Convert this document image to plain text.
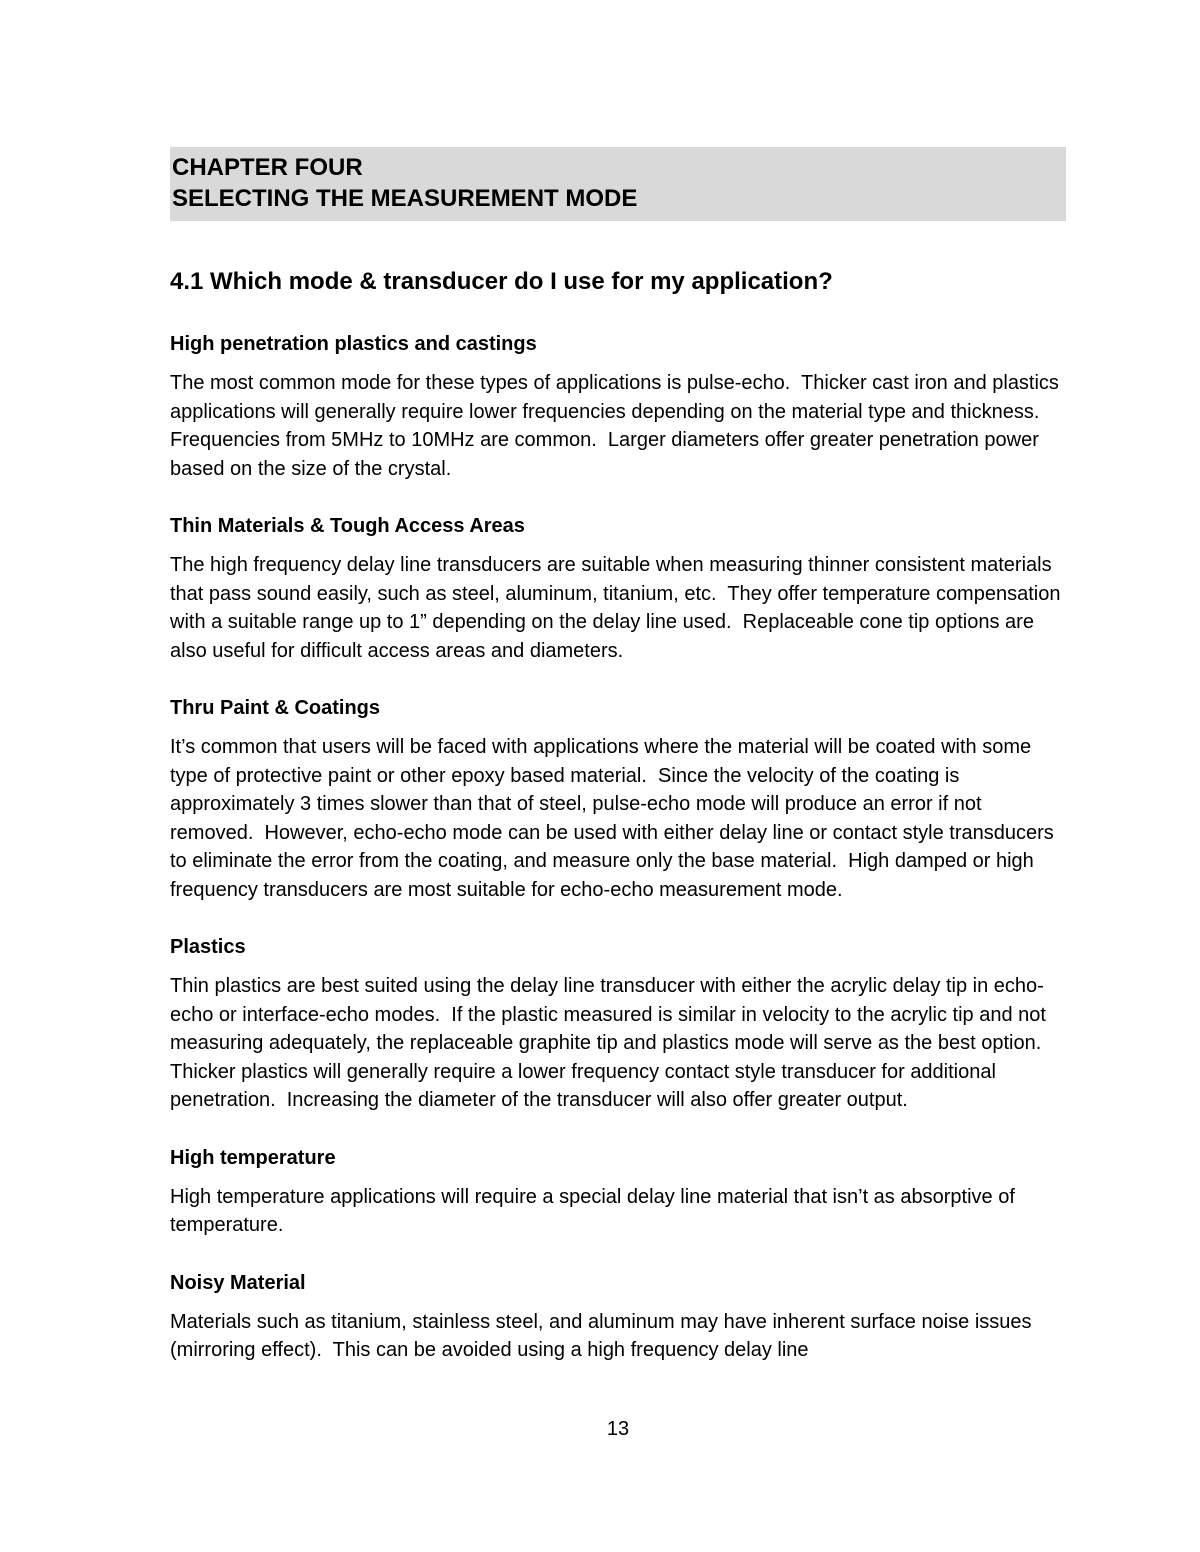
CHAPTER FOUR
SELECTING THE MEASUREMENT MODE
4.1 Which mode & transducer do I use for my application?
High penetration plastics and castings

The most common mode for these types of applications is pulse-echo.  Thicker cast iron and plastics applications will generally require lower frequencies depending on the material type and thickness.  Frequencies from 5MHz to 10MHz are common.  Larger diameters offer greater penetration power based on the size of the crystal.

Thin Materials & Tough Access Areas

The high frequency delay line transducers are suitable when measuring thinner consistent materials that pass sound easily, such as steel, aluminum, titanium, etc.  They offer temperature compensation with a suitable range up to 1” depending on the delay line used.  Replaceable cone tip options are also useful for difficult access areas and diameters.

Thru Paint & Coatings

It’s common that users will be faced with applications where the material will be coated with some type of protective paint or other epoxy based material.  Since the velocity of the coating is approximately 3 times slower than that of steel, pulse-echo mode will produce an error if not removed.  However, echo-echo mode can be used with either delay line or contact style transducers to eliminate the error from the coating, and measure only the base material.  High damped or high frequency transducers are most suitable for echo-echo measurement mode.

Plastics

Thin plastics are best suited using the delay line transducer with either the acrylic delay tip in echo-echo or interface-echo modes.  If the plastic measured is similar in velocity to the acrylic tip and not measuring adequately, the replaceable graphite tip and plastics mode will serve as the best option.  Thicker plastics will generally require a lower frequency contact style transducer for additional penetration.  Increasing the diameter of the transducer will also offer greater output.

High temperature

High temperature applications will require a special delay line material that isn’t as absorptive of temperature.

Noisy Material

Materials such as titanium, stainless steel, and aluminum may have inherent surface noise issues (mirroring effect).  This can be avoided using a high frequency delay line

13
